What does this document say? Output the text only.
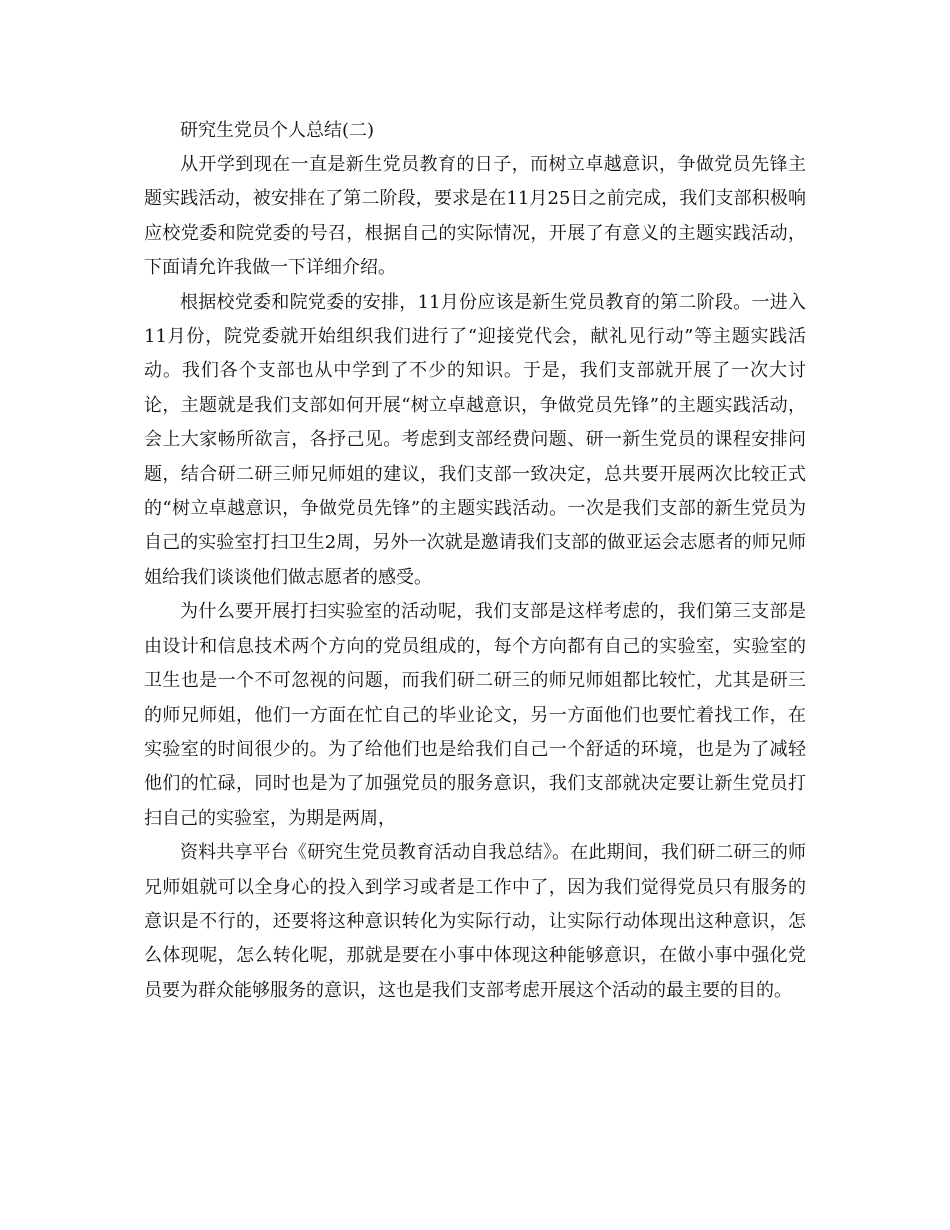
研究生党员个人总结(二)

从开学到现在一直是新生党员教育的日子，而树立卓越意识，争做党员先锋主题实践活动，被安排在了第二阶段，要求是在11月25日之前完成，我们支部积极响应校党委和院党委的号召，根据自己的实际情况，开展了有意义的主题实践活动，下面请允许我做一下详细介绍。

根据校党委和院党委的安排，11月份应该是新生党员教育的第二阶段。一进入11月份，院党委就开始组织我们进行了“迎接党代会，献礼见行动”等主题实践活动。我们各个支部也从中学到了不少的知识。于是，我们支部就开展了一次大讨论，主题就是我们支部如何开展“树立卓越意识，争做党员先锋”的主题实践活动，会上大家畅所欲言，各抒己见。考虑到支部经费问题、研一新生党员的课程安排问题，结合研二研三师兄师姐的建议，我们支部一致决定，总共要开展两次比较正式的“树立卓越意识，争做党员先锋”的主题实践活动。一次是我们支部的新生党员为自己的实验室打扫卫生2周，另外一次就是邀请我们支部的做亚运会志愿者的师兄师姐给我们谈谈他们做志愿者的感受。

为什么要开展打扫实验室的活动呢，我们支部是这样考虑的，我们第三支部是由设计和信息技术两个方向的党员组成的，每个方向都有自己的实验室，实验室的卫生也是一个不可忽视的问题，而我们研二研三的师兄师姐都比较忙，尤其是研三的师兄师姐，他们一方面在忙自己的毕业论文，另一方面他们也要忙着找工作，在实验室的时间很少的。为了给他们也是给我们自己一个舒适的环境，也是为了减轻他们的忙碌，同时也是为了加强党员的服务意识，我们支部就决定要让新生党员打扫自己的实验室，为期是两周，

资料共享平台《研究生党员教育活动自我总结》。在此期间，我们研二研三的师兄师姐就可以全身心的投入到学习或者是工作中了，因为我们觉得党员只有服务的意识是不行的，还要将这种意识转化为实际行动，让实际行动体现出这种意识，怎么体现呢，怎么转化呢，那就是要在小事中体现这种能够意识，在做小事中强化党员要为群众能够服务的意识，这也是我们支部考虑开展这个活动的最主要的目的。
